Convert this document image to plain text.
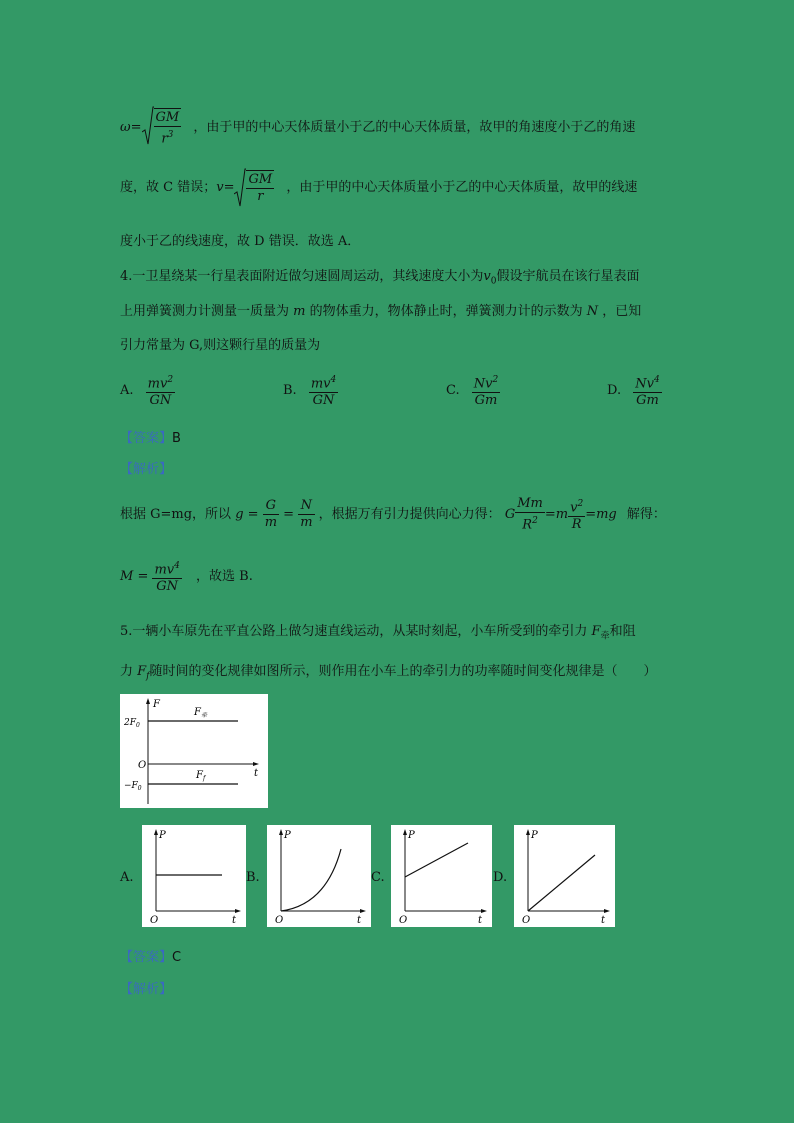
$\omega= \frac{GM}{r^3}$ ，由于甲的中心天体质量小于乙的中心天体质量，故甲的角速度小于乙的角速
度，故 C 错误；$v= \frac{GM}{r}$ ，由于甲的中心天体质量小于乙的中心天体质量，故甲的线速
度小于乙的线速度，故 D 错误．故选 A．
4.一卫星绕某一行星表面附近做匀速圆周运动，其线速度大小为$v_0$假设宇航员在该行星表面
上用弹簧测力计测量一质量为 m 的物体重力，物体静止时，弹簧测力计的示数为 N ，已知
引力常量为 G,则这颗行星的质量为
A. $\frac{mv^2}{GN}$	B. $\frac{mv^4}{GN}$	C. $\frac{Nv^2}{Gm}$	D. $\frac{Nv^4}{Gm}$
【答案】B
【解析】
根据 G=mg，所以 $g = \frac{G}{m} = \frac{N}{m}$ ，根据万有引力提供向心力得： G $\frac{Mm}{R^2} =m \frac{v^2}{R} =mg$ 解得：
$M = \frac{mv^4}{GN}$ ，故选 B.
5.一辆小车原先在平直公路上做匀速直线运动，从某时刻起，小车所受到的牵引力 $F_牵$和阻
力 $F_f$随时间的变化规律如图所示，则作用在小车上的牵引力的功率随时间变化规律是（　　）
F
t
O
$2F_0$
$-F_0$
$F_牵$
$F_f$
A.
P
t
O
B.
P
t
O
C.
P
t
O
D.
P
t
O
【答案】C
【解析】
